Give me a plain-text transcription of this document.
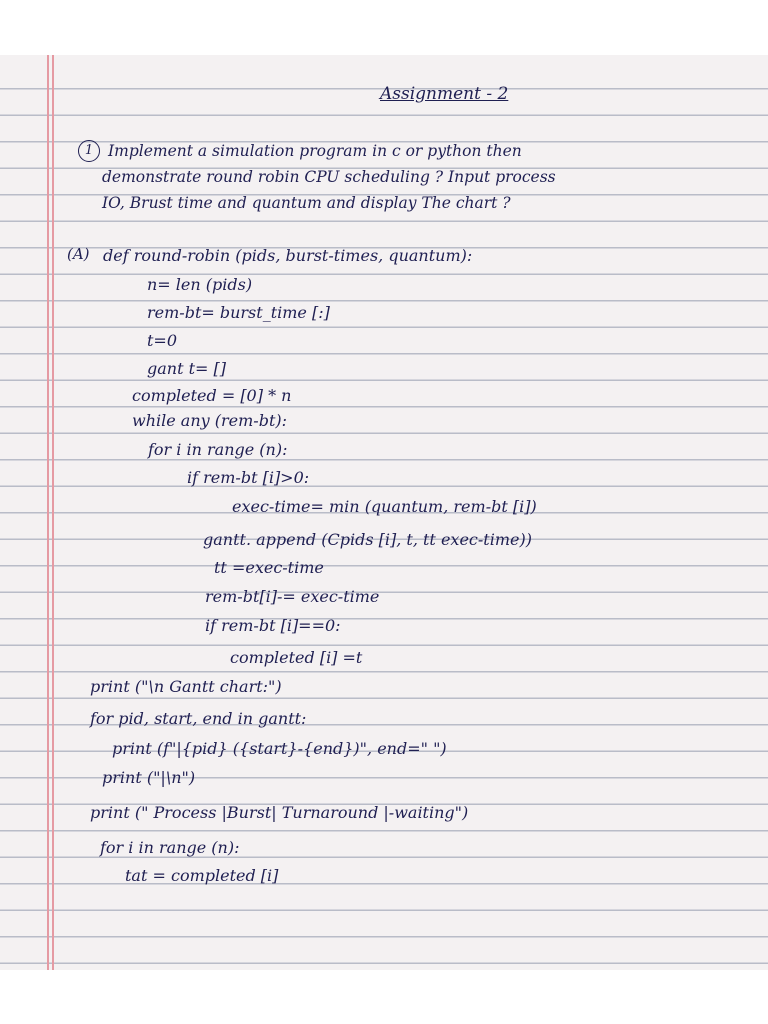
Assignment - 2
1 Implement a simulation program in c or python then
demonstrate round robin CPU scheduling ? Input process
IO, Brust time and quantum and display The chart ?
(A) def round-robin (pids, burst-times, quantum):
n= len (pids)
rem-bt= burst_time [:]
t=0
gant t= []
completed = [0] * n
while any (rem-bt):
for i in range (n):
if rem-bt [i]>0:
exec-time= min (quantum, rem-bt [i])
gantt. append (Cpids [i], t, tt exec-time))
tt =exec-time
rem-bt[i]-= exec-time
if rem-bt [i]==0:
completed [i] =t
print ("\n Gantt chart:")
for pid, start, end in gantt:
print (f"|{pid} ({start}-{end})", end=" ")
print ("|\n")
print (" Process |Burst| Turnaround |-waiting")
for i in range (n):
tat = completed [i]
